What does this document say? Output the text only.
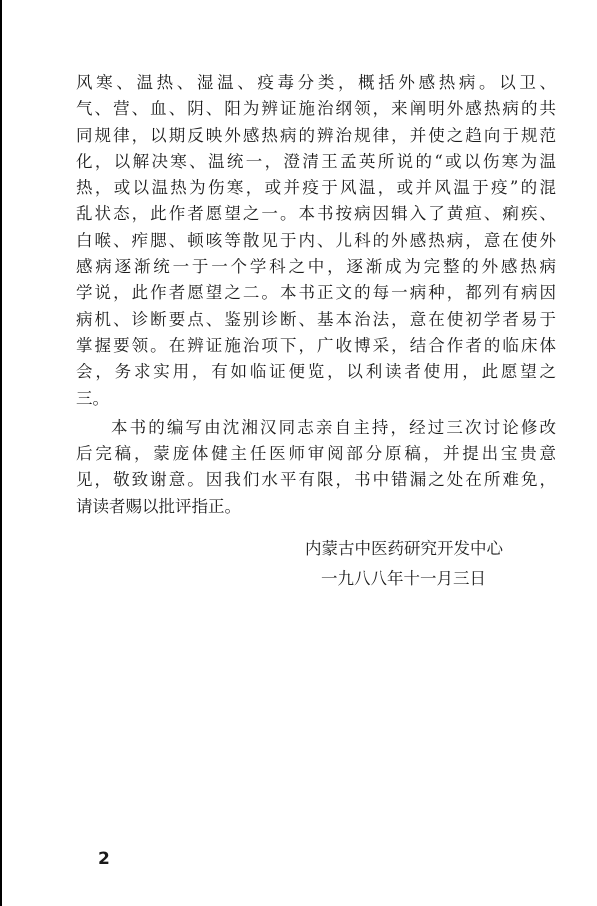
风寒、温热、湿温、疫毒分类，概括外感热病。以卫、
气、营、血、阴、阳为辨证施治纲领，来阐明外感热病的共
同规律，以期反映外感热病的辨治规律，并使之趋向于规范
化，以解决寒、温统一，澄清王孟英所说的“或以伤寒为温
热，或以温热为伤寒，或并疫于风温，或并风温于疫”的混
乱状态，此作者愿望之一。本书按病因辑入了黄疸、痢疾、
白喉、痄腮、顿咳等散见于内、儿科的外感热病，意在使外
感病逐渐统一于一个学科之中，逐渐成为完整的外感热病
学说，此作者愿望之二。本书正文的每一病种，都列有病因
病机、诊断要点、鉴别诊断、基本治法，意在使初学者易于
掌握要领。在辨证施治项下，广收博采，结合作者的临床体
会，务求实用，有如临证便览，以利读者使用，此愿望之
三。
本书的编写由沈湘汉同志亲自主持，经过三次讨论修改
后完稿，蒙庞体健主任医师审阅部分原稿，并提出宝贵意
见，敬致谢意。因我们水平有限，书中错漏之处在所难免，
请读者赐以批评指正。
内蒙古中医药研究开发中心
一九八八年十一月三日
2
